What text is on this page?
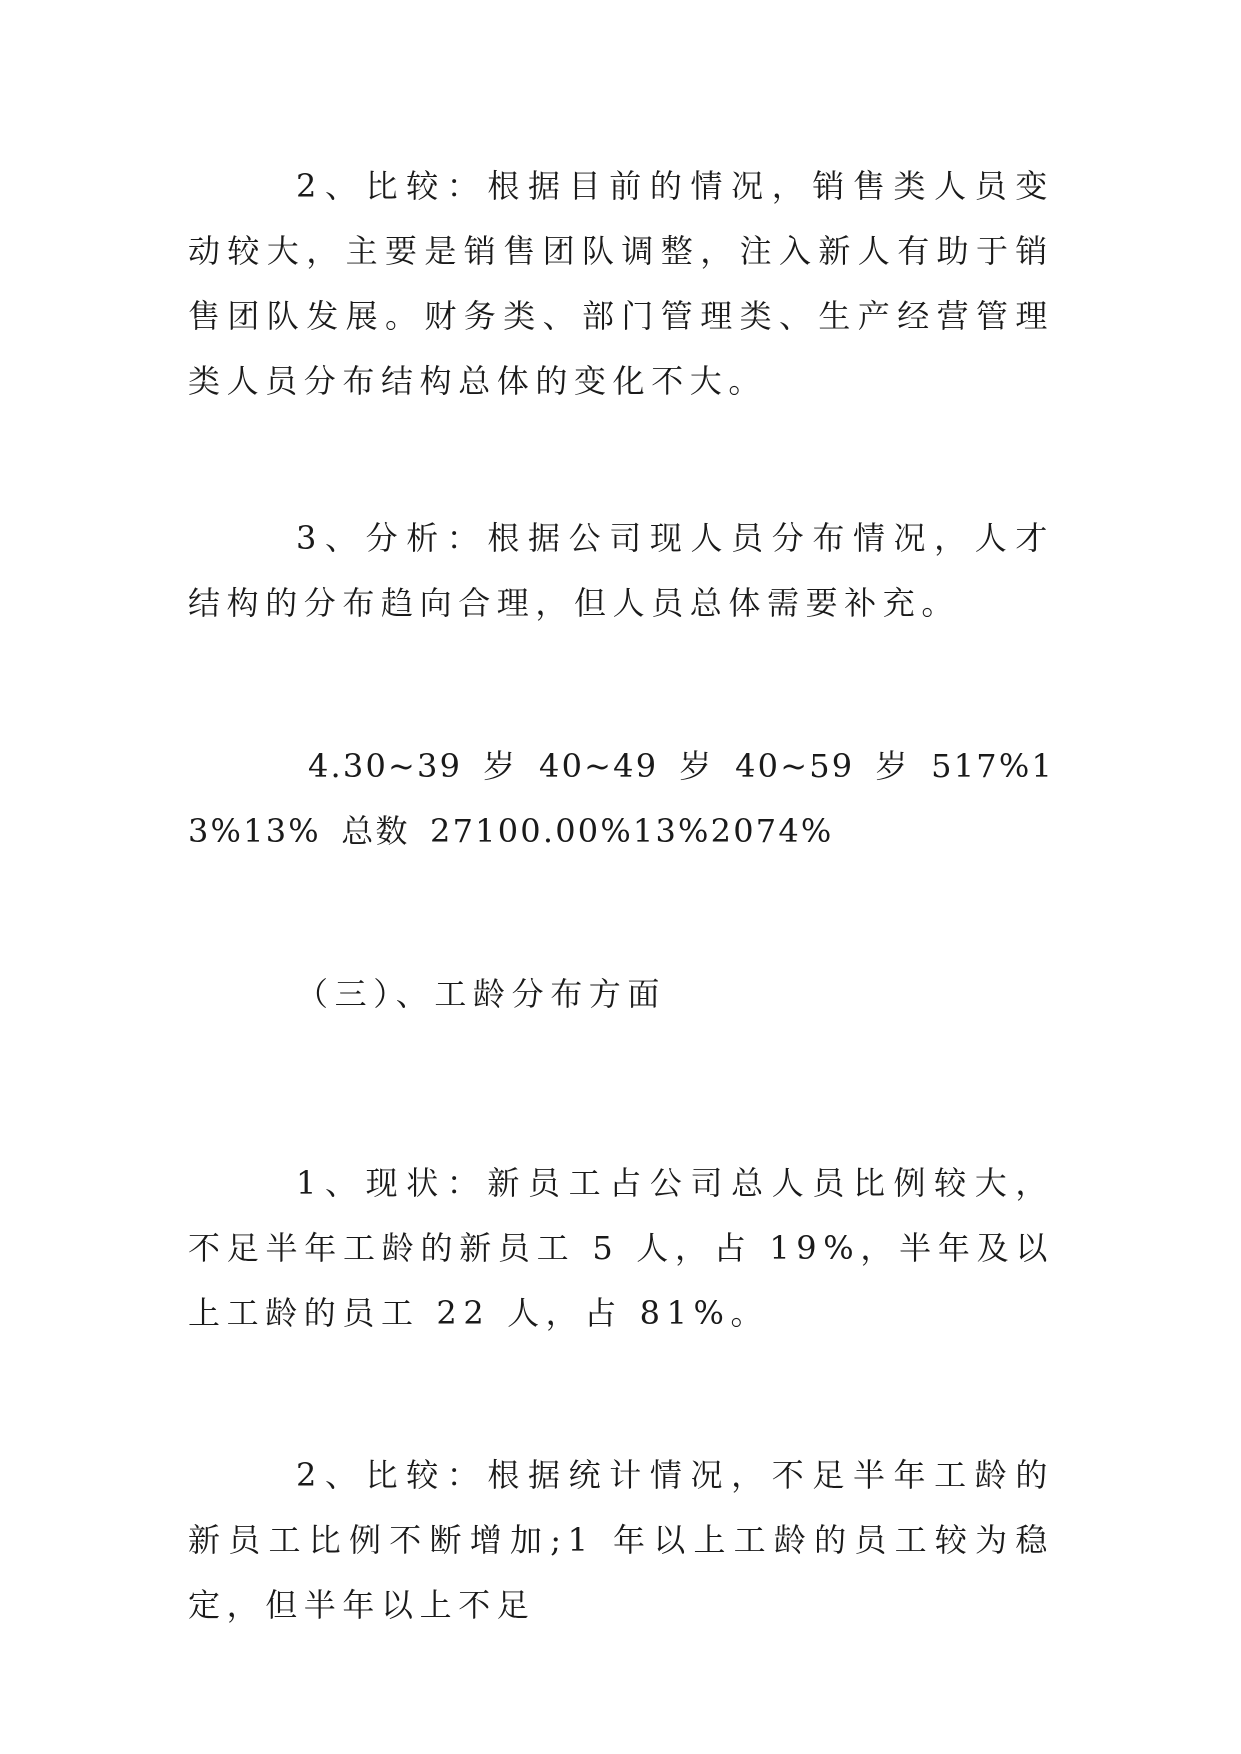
2、比较：根据目前的情况，销售类人员变动较大，主要是销售团队调整，注入新人有助于销售团队发展。财务类、部门管理类、生产经营管理类人员分布结构总体的变化不大。

3、分析：根据公司现人员分布情况，人才结构的分布趋向合理，但人员总体需要补充。

4.30~39 岁 40~49 岁 40~59 岁 517%13%13% 总数 27100.00%13%2074%

（三）、工龄分布方面

1、现状：新员工占公司总人员比例较大，不足半年工龄的新员工 5 人，占 19%，半年及以上工龄的员工 22 人，占 81%。

2、比较：根据统计情况，不足半年工龄的新员工比例不断增加;1 年以上工龄的员工较为稳定，但半年以上不足
